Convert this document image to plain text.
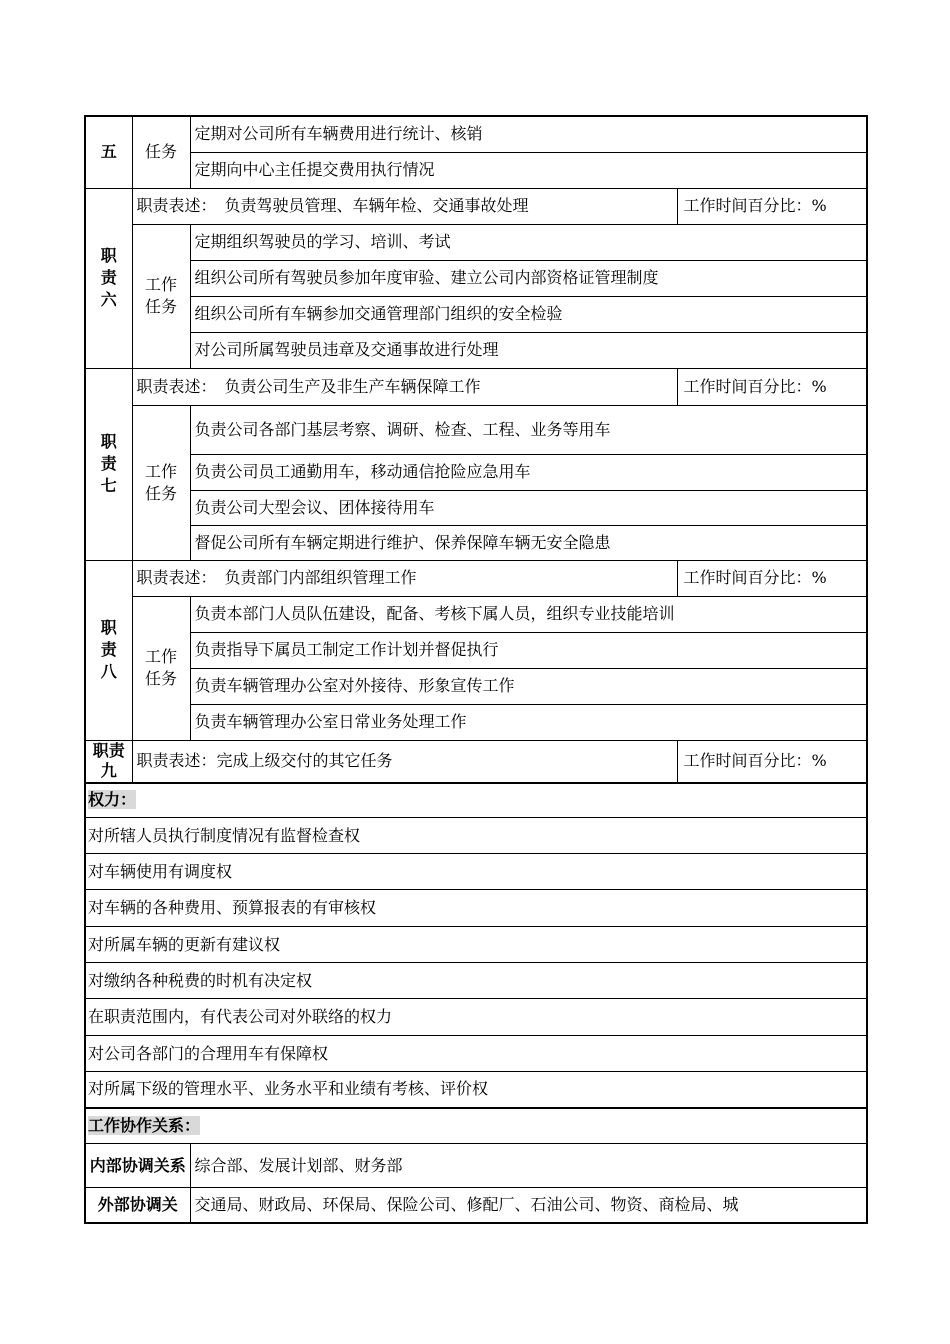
五	任务	定期对公司所有车辆费用进行统计、核销	
		定期向中心主任提交费用执行情况	
职责六	职责表述：　负责驾驶员管理、车辆年检、交通事故处理		工作时间百分比：%
	工作任务	定期组织驾驶员的学习、培训、考试	
		组织公司所有驾驶员参加年度审验、建立公司内部资格证管理制度	
		组织公司所有车辆参加交通管理部门组织的安全检验	
		对公司所属驾驶员违章及交通事故进行处理	
职责七	职责表述：　负责公司生产及非生产车辆保障工作		工作时间百分比：%
	工作任务	负责公司各部门基层考察、调研、检查、工程、业务等用车	
		负责公司员工通勤用车，移动通信抢险应急用车	
		负责公司大型会议、团体接待用车	
		督促公司所有车辆定期进行维护、保养保障车辆无安全隐患	
职责八	职责表述：　负责部门内部组织管理工作		工作时间百分比：%
	工作任务	负责本部门人员队伍建设，配备、考核下属人员，组织专业技能培训	
		负责指导下属员工制定工作计划并督促执行	
		负责车辆管理办公室对外接待、形象宣传工作	
		负责车辆管理办公室日常业务处理工作	
职责九	职责表述：完成上级交付的其它任务		工作时间百分比：%
权力：			
对所辖人员执行制度情况有监督检查权			
对车辆使用有调度权			
对车辆的各种费用、预算报表的有审核权			
对所属车辆的更新有建议权			
对缴纳各种税费的时机有决定权			
在职责范围内，有代表公司对外联络的权力			
对公司各部门的合理用车有保障权			
对所属下级的管理水平、业务水平和业绩有考核、评价权			
工作协作关系：			
内部协调关系		综合部、发展计划部、财务部	
外部协调关		交通局、财政局、环保局、保险公司、修配厂、石油公司、物资、商检局、城	
